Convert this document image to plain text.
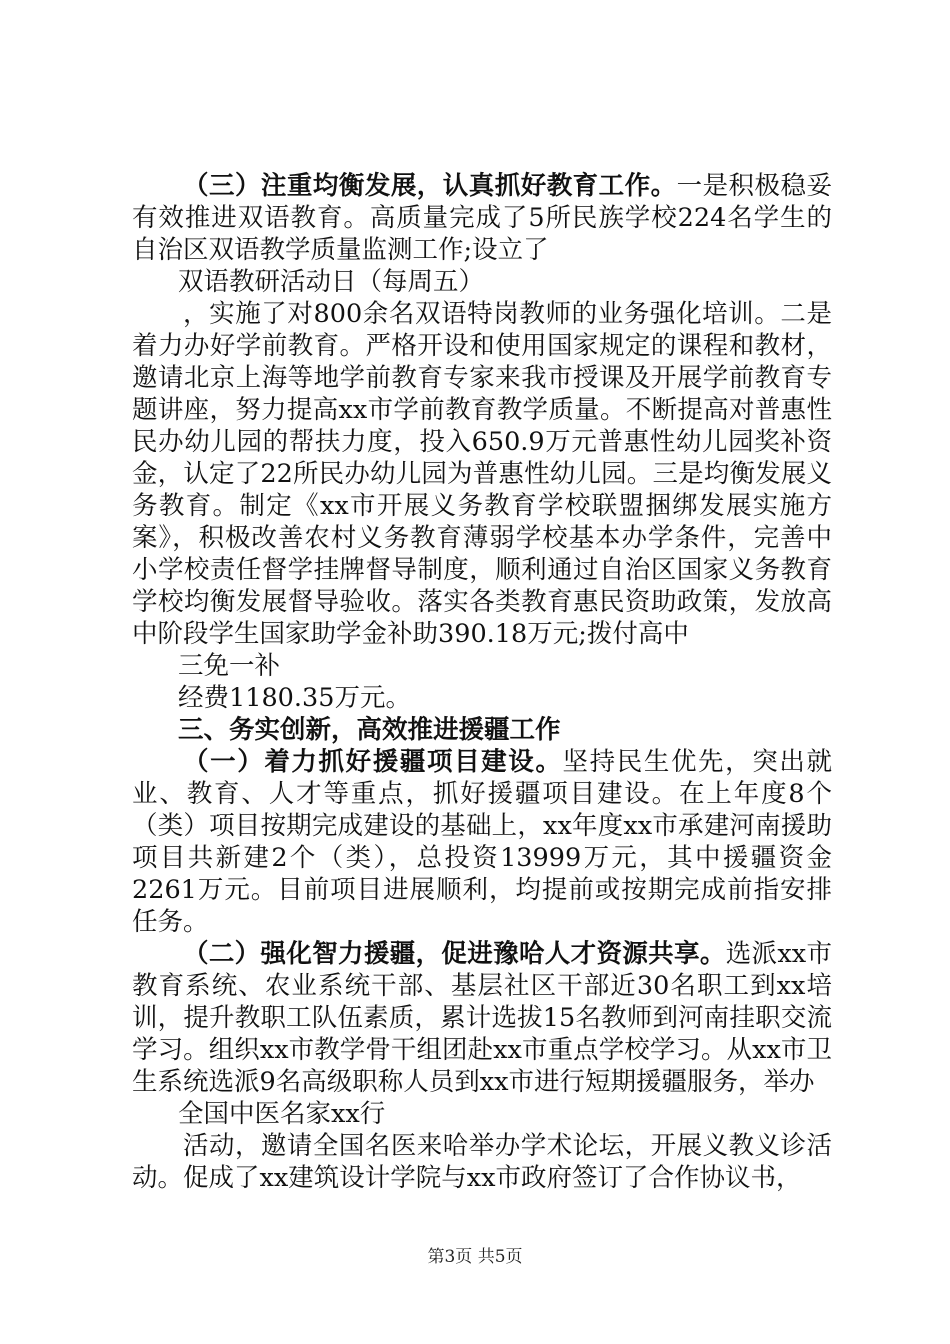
（三）注重均衡发展，认真抓好教育工作。一是积极稳妥有效推进双语教育。高质量完成了5所民族学校224名学生的自治区双语教学质量监测工作;设立了

双语教研活动日（每周五）

，实施了对800余名双语特岗教师的业务强化培训。二是着力办好学前教育。严格开设和使用国家规定的课程和教材，邀请北京上海等地学前教育专家来我市授课及开展学前教育专题讲座，努力提高xx市学前教育教学质量。不断提高对普惠性民办幼儿园的帮扶力度，投入650.9万元普惠性幼儿园奖补资金，认定了22所民办幼儿园为普惠性幼儿园。三是均衡发展义务教育。制定《xx市开展义务教育学校联盟捆绑发展实施方案》，积极改善农村义务教育薄弱学校基本办学条件，完善中小学校责任督学挂牌督导制度，顺利通过自治区国家义务教育学校均衡发展督导验收。落实各类教育惠民资助政策，发放高中阶段学生国家助学金补助390.18万元;拨付高中

三免一补

经费1180.35万元。

三、务实创新，高效推进援疆工作

（一）着力抓好援疆项目建设。坚持民生优先，突出就业、教育、人才等重点，抓好援疆项目建设。在上年度8个（类）项目按期完成建设的基础上，xx年度xx市承建河南援助项目共新建2个（类），总投资13999万元，其中援疆资金2261万元。目前项目进展顺利，均提前或按期完成前指安排任务。

（二）强化智力援疆，促进豫哈人才资源共享。选派xx市教育系统、农业系统干部、基层社区干部近30名职工到xx培训，提升教职工队伍素质，累计选拔15名教师到河南挂职交流学习。组织xx市教学骨干组团赴xx市重点学校学习。从xx市卫生系统选派9名高级职称人员到xx市进行短期援疆服务，举办

全国中医名家xx行

活动，邀请全国名医来哈举办学术论坛，开展义教义诊活动。促成了xx建筑设计学院与xx市政府签订了合作协议书，

第3页 共5页
